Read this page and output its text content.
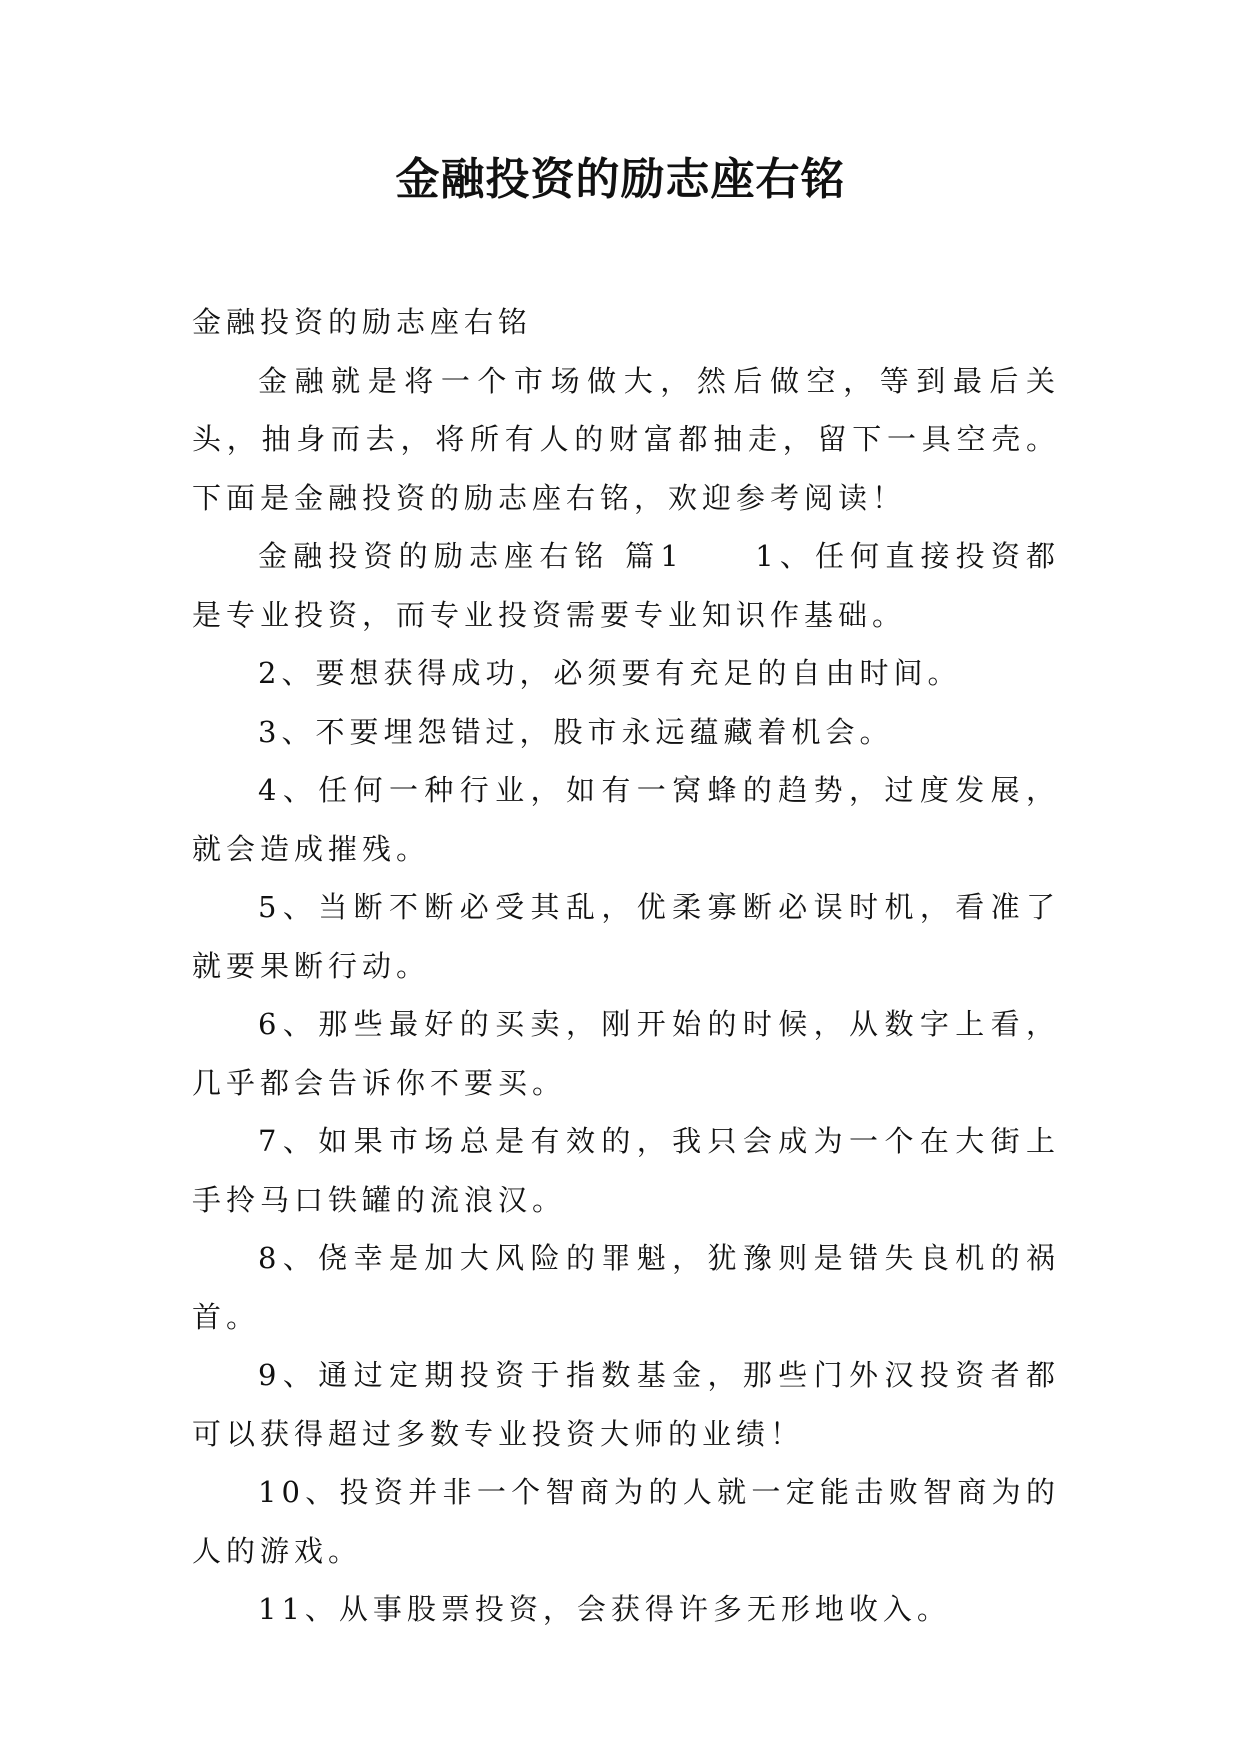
金融投资的励志座右铭

金融投资的励志座右铭

金融就是将一个市场做大，然后做空，等到最后关头，抽身而去，将所有人的财富都抽走，留下一具空壳。下面是金融投资的励志座右铭，欢迎参考阅读！

金融投资的励志座右铭 篇1　　1、任何直接投资都是专业投资，而专业投资需要专业知识作基础。

2、要想获得成功，必须要有充足的自由时间。

3、不要埋怨错过，股市永远蕴藏着机会。

4、任何一种行业，如有一窝蜂的趋势，过度发展，就会造成摧残。

5、当断不断必受其乱，优柔寡断必误时机，看准了就要果断行动。

6、那些最好的买卖，刚开始的时候，从数字上看，几乎都会告诉你不要买。

7、如果市场总是有效的，我只会成为一个在大街上手拎马口铁罐的流浪汉。

8、侥幸是加大风险的罪魁，犹豫则是错失良机的祸首。

9、通过定期投资于指数基金，那些门外汉投资者都可以获得超过多数专业投资大师的业绩！

10、投资并非一个智商为的人就一定能击败智商为的人的游戏。

11、从事股票投资，会获得许多无形地收入。
